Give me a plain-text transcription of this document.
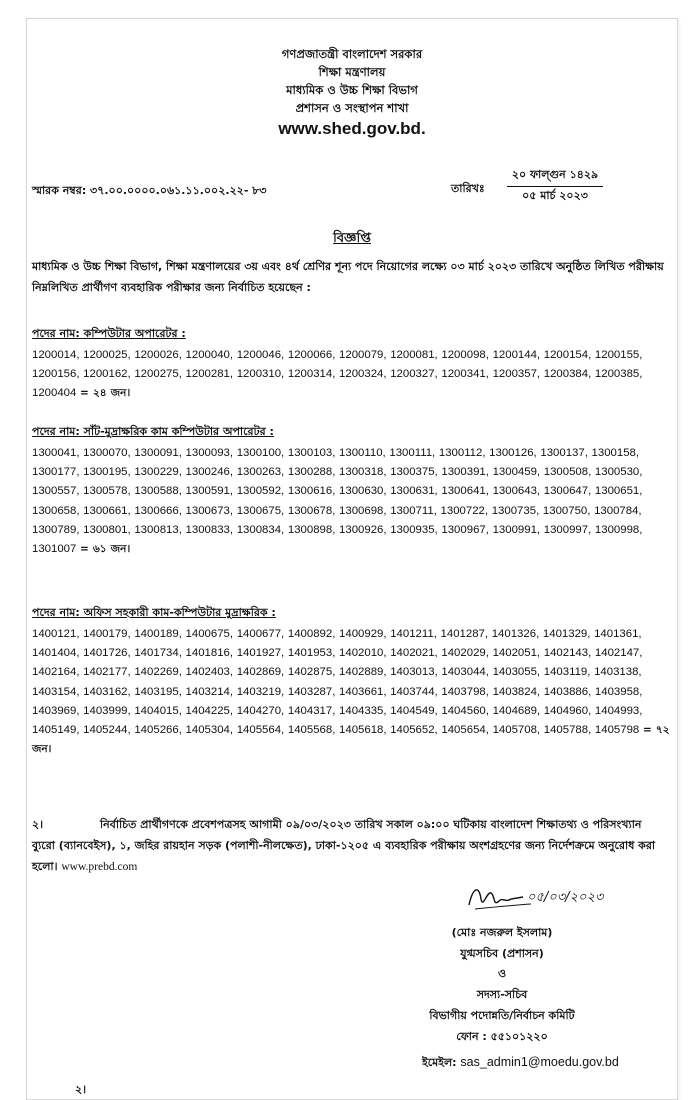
গণপ্রজাতন্ত্রী বাংলাদেশ সরকার
শিক্ষা মন্ত্রণালয়
মাধ্যমিক ও উচ্চ শিক্ষা বিভাগ
প্রশাসন ও সংস্থাপন শাখা
www.shed.gov.bd.
স্মারক নম্বর: ৩৭.০০.০০০০.০৬১.১১.০০২.২২- ৮৩	তারিখঃ
২০ ফাল্গুন ১৪২৯
০৫ মার্চ ২০২৩
বিজ্ঞপ্তি
মাধ্যমিক ও উচ্চ শিক্ষা বিভাগ, শিক্ষা মন্ত্রণালয়ের ৩য় এবং ৪র্থ শ্রেণির শূন্য পদে নিয়োগের লক্ষ্যে ০৩ মার্চ ২০২৩ তারিখে অনুষ্ঠিত লিখিত পরীক্ষায় নিম্নলিখিত প্রার্থীগণ ব্যবহারিক পরীক্ষার জন্য নির্বাচিত হয়েছেন :
পদের নাম: কম্পিউটার অপারেটর :
1200014, 1200025, 1200026, 1200040, 1200046, 1200066, 1200079, 1200081, 1200098, 1200144, 1200154, 1200155, 1200156, 1200162, 1200275, 1200281, 1200310, 1200314, 1200324, 1200327, 1200341, 1200357, 1200384, 1200385, 1200404 = ২৪ জন।
পদের নাম: সাঁট-মুদ্রাক্ষরিক কাম কম্পিউটার অপারেটর :
1300041, 1300070, 1300091, 1300093, 1300100, 1300103, 1300110, 1300111, 1300112, 1300126, 1300137, 1300158, 1300177, 1300195, 1300229, 1300246, 1300263, 1300288, 1300318, 1300375, 1300391, 1300459, 1300508, 1300530, 1300557, 1300578, 1300588, 1300591, 1300592, 1300616, 1300630, 1300631, 1300641, 1300643, 1300647, 1300651, 1300658, 1300661, 1300666, 1300673, 1300675, 1300678, 1300698, 1300711, 1300722, 1300735, 1300750, 1300784, 1300789, 1300801, 1300813, 1300833, 1300834, 1300898, 1300926, 1300935, 1300967, 1300991, 1300997, 1300998, 1301007 = ৬১ জন।
পদের নাম: অফিস সহকারী কাম-কম্পিউটার মুদ্রাক্ষরিক :
1400121, 1400179, 1400189, 1400675, 1400677, 1400892, 1400929, 1401211, 1401287, 1401326, 1401329, 1401361, 1401404, 1401726, 1401734, 1401816, 1401927, 1401953, 1402010, 1402021, 1402029, 1402051, 1402143, 1402147, 1402164, 1402177, 1402269, 1402403, 1402869, 1402875, 1402889, 1403013, 1403044, 1403055, 1403119, 1403138, 1403154, 1403162, 1403195, 1403214, 1403219, 1403287, 1403661, 1403744, 1403798, 1403824, 1403886, 1403958, 1403969, 1403999, 1404015, 1404225, 1404270, 1404317, 1404335, 1404549, 1404560, 1404689, 1404960, 1404993, 1405149, 1405244, 1405266, 1405304, 1405564, 1405568, 1405618, 1405652, 1405654, 1405708, 1405788, 1405798 = ৭২ জন।
২।	নির্বাচিত প্রার্থীগণকে প্রবেশপত্রসহ আগামী ০৯/০৩/২০২৩ তারিখ সকাল ০৯:০০ ঘটিকায় বাংলাদেশ শিক্ষাতথ্য ও পরিসংখ্যান ব্যুরো (ব্যানবেইস), ১, জহির রায়হান সড়ক (পলাশী-নীলক্ষেত), ঢাকা-১২০৫ এ ব্যবহারিক পরীক্ষায় অংশগ্রহণের জন্য নির্দেশক্রমে অনুরোধ করা হলো। www.prebd.com
০৫/০৩/২০২৩
(মোঃ নজরুল ইসলাম)
যুগ্মসচিব (প্রশাসন)
ও
সদস্য-সচিব
বিভাগীয় পদোন্নতি/নির্বাচন কমিটি
ফোন : ৫৫১০১২২০
ইমেইল: sas_admin1@moedu.gov.bd
২।
